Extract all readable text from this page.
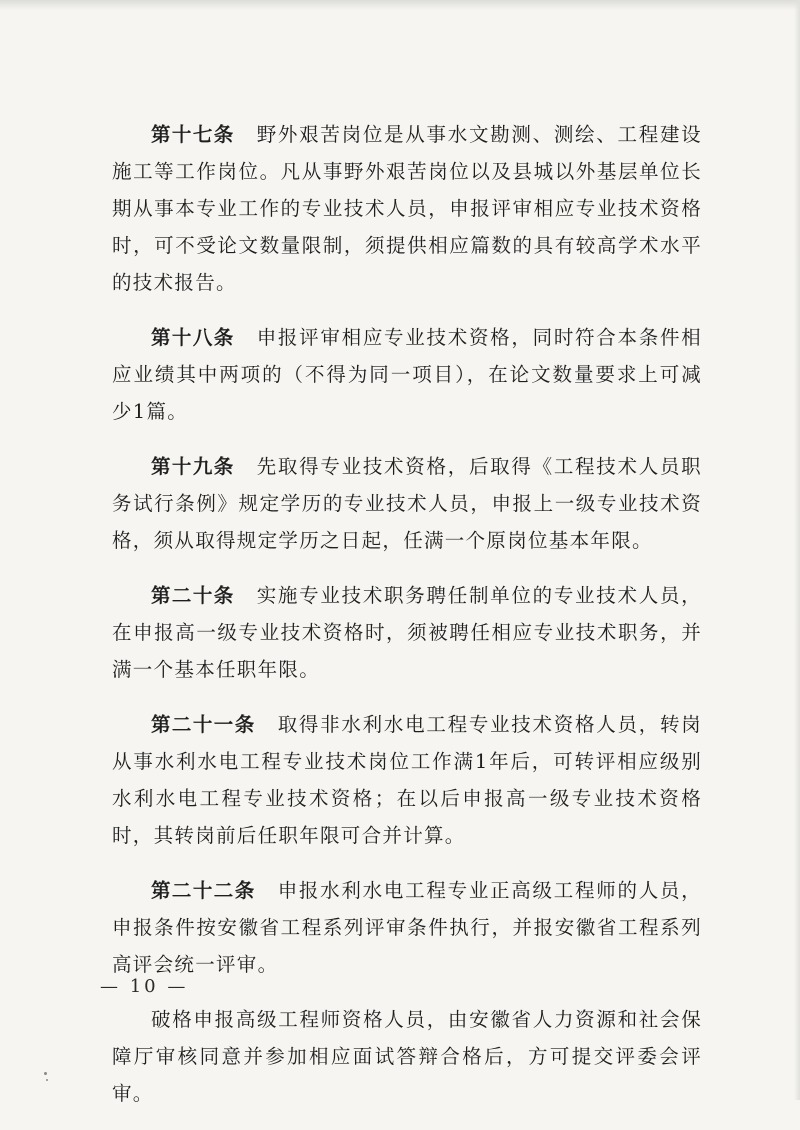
第十七条 野外艰苦岗位是从事水文勘测、测绘、工程建设施工等工作岗位。凡从事野外艰苦岗位以及县城以外基层单位长期从事本专业工作的专业技术人员，申报评审相应专业技术资格时，可不受论文数量限制，须提供相应篇数的具有较高学术水平的技术报告。

第十八条 申报评审相应专业技术资格，同时符合本条件相应业绩其中两项的（不得为同一项目），在论文数量要求上可减少1篇。

第十九条 先取得专业技术资格，后取得《工程技术人员职务试行条例》规定学历的专业技术人员，申报上一级专业技术资格，须从取得规定学历之日起，任满一个原岗位基本年限。

第二十条 实施专业技术职务聘任制单位的专业技术人员，在申报高一级专业技术资格时，须被聘任相应专业技术职务，并满一个基本任职年限。

第二十一条 取得非水利水电工程专业技术资格人员，转岗从事水利水电工程专业技术岗位工作满1年后，可转评相应级别水利水电工程专业技术资格；在以后申报高一级专业技术资格时，其转岗前后任职年限可合并计算。

第二十二条 申报水利水电工程专业正高级工程师的人员，申报条件按安徽省工程系列评审条件执行，并报安徽省工程系列高评会统一评审。

破格申报高级工程师资格人员，由安徽省人力资源和社会保障厅审核同意并参加相应面试答辩合格后，方可提交评委会评审。

— 10 —
